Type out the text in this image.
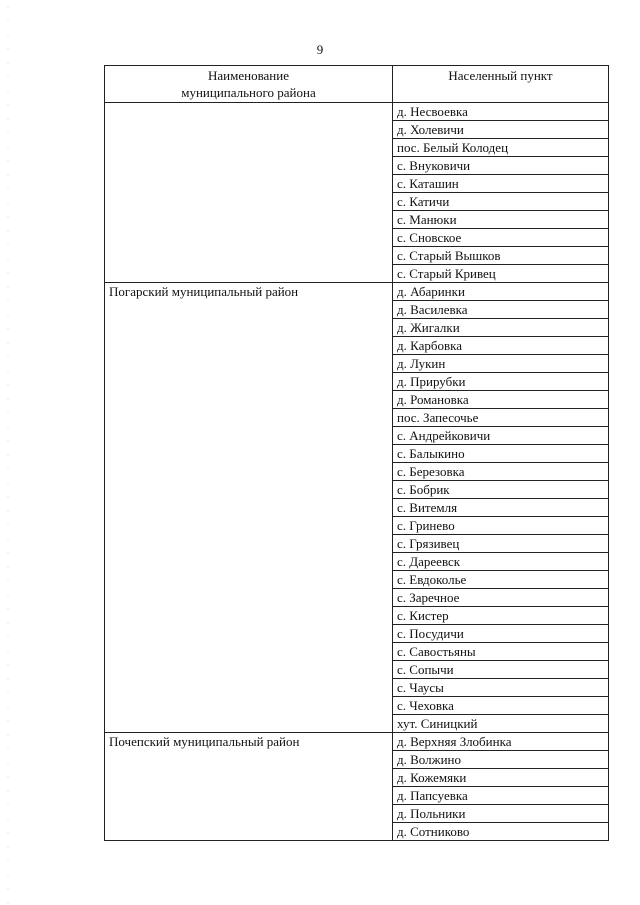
9
Наименование
муниципального района	Населенный пункт
	д. Несвоевка
	д. Холевичи
	пос. Белый Колодец
	с. Внуковичи
	с. Каташин
	с. Катичи
	с. Манюки
	с. Сновское
	с. Старый Вышков
	с. Старый Кривец
Погарский муниципальный район	д. Абаринки
	д. Василевка
	д. Жигалки
	д. Карбовка
	д. Лукин
	д. Прирубки
	д. Романовка
	пос. Запесочье
	с. Андрейковичи
	с. Балыкино
	с. Березовка
	с. Бобрик
	с. Витемля
	с. Гринево
	с. Грязивец
	с. Дареевск
	с. Евдоколье
	с. Заречное
	с. Кистер
	с. Посудичи
	с. Савостьяны
	с. Сопычи
	с. Чаусы
	с. Чеховка
	хут. Синицкий
Почепский муниципальный район	д. Верхняя Злобинка
	д. Волжино
	д. Кожемяки
	д. Папсуевка
	д. Польники
	д. Сотниково
